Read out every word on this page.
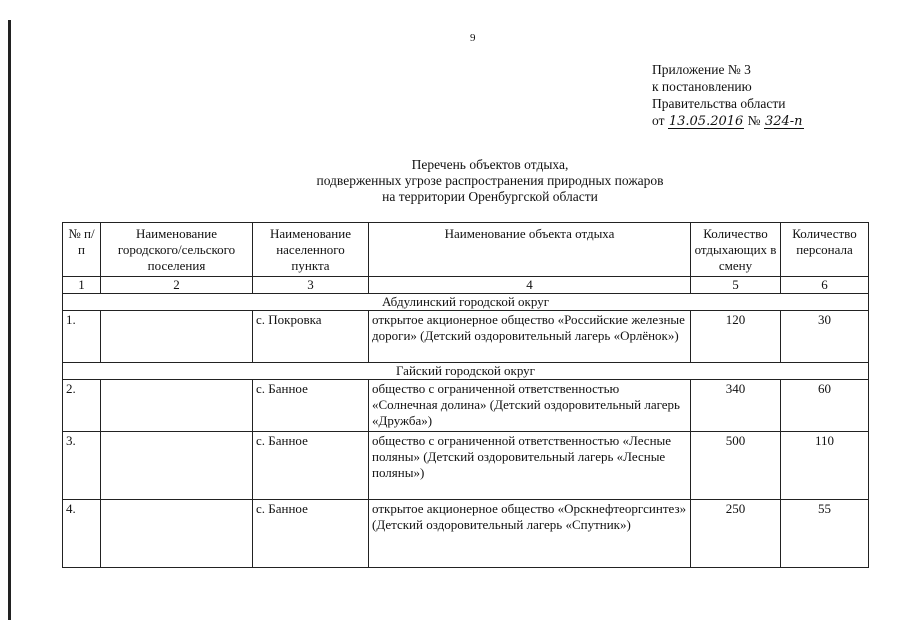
9
Приложение № 3
к постановлению
Правительства области
от 13.05.2016 № 324-п
Перечень объектов отдыха,
подверженных угрозе распространения природных пожаров
на территории Оренбургской области
№ п/п	Наименование городского/сельского поселения	Наименование населенного пункта	Наименование объекта отдыха	Количество отдыхающих в смену	Количество персонала
1	2	3	4	5	6
Абдулинский городской округ					
1.		с. Покровка	открытое акционерное общество «Российские железные дороги» (Детский оздоровительный лагерь «Орлёнок»)	120	30
Гайский городской округ					
2.		с. Банное	общество с ограниченной ответственностью «Солнечная долина» (Детский оздоровительный лагерь «Дружба»)	340	60
3.		с. Банное	общество с ограниченной ответственностью «Лесные поляны» (Детский оздоровительный лагерь «Лесные поляны»)	500	110
4.		с. Банное	открытое акционерное общество «Орскнефтеоргсинтез» (Детский оздоровительный лагерь «Спутник»)	250	55
